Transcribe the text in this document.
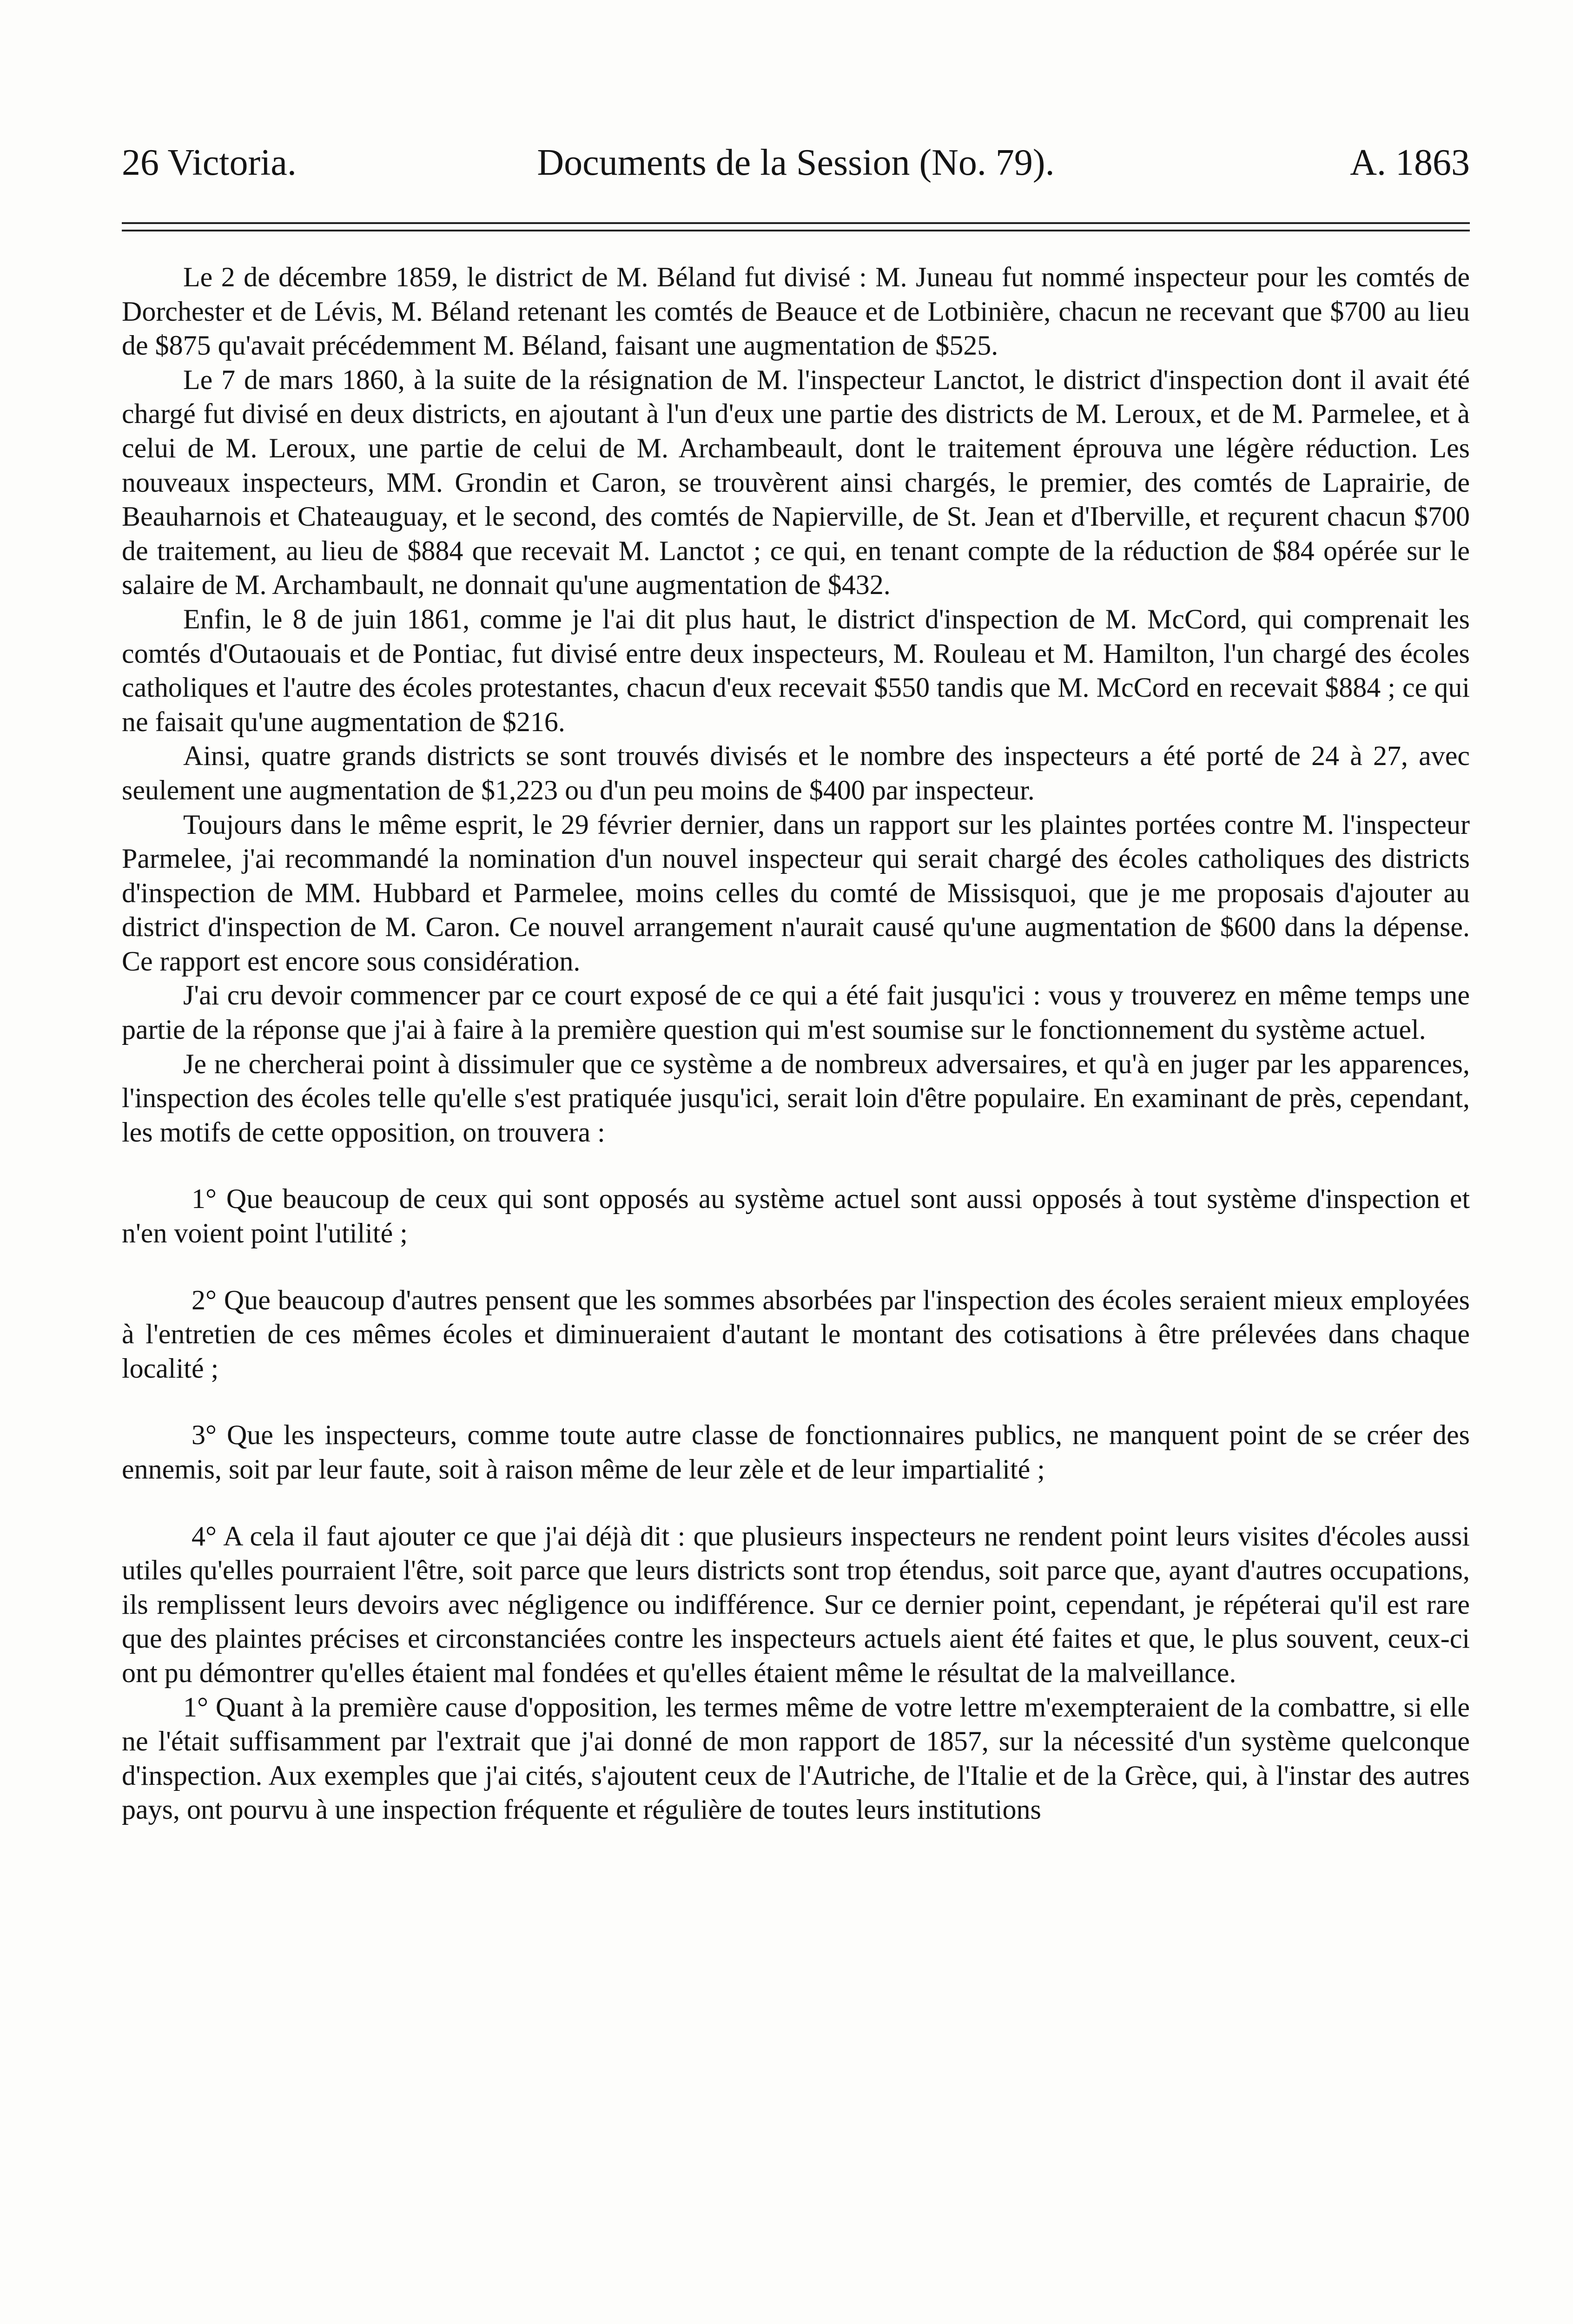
26 Victoria.	Documents de la Session (No. 79).	A. 1863

Le 2 de décembre 1859, le district de M. Béland fut divisé : M. Juneau fut nommé inspecteur pour les comtés de Dorchester et de Lévis, M. Béland retenant les comtés de Beauce et de Lotbinière, chacun ne recevant que $700 au lieu de $875 qu'avait précédemment M. Béland, faisant une augmentation de $525.

Le 7 de mars 1860, à la suite de la résignation de M. l'inspecteur Lanctot, le district d'inspection dont il avait été chargé fut divisé en deux districts, en ajoutant à l'un d'eux une partie des districts de M. Leroux, et de M. Parmelee, et à celui de M. Leroux, une partie de celui de M. Archambeault, dont le traitement éprouva une légère réduction. Les nouveaux inspecteurs, MM. Grondin et Caron, se trouvèrent ainsi chargés, le premier, des comtés de Laprairie, de Beauharnois et Chateauguay, et le second, des comtés de Napierville, de St. Jean et d'Iberville, et reçurent chacun $700 de traitement, au lieu de $884 que recevait M. Lanctot ; ce qui, en tenant compte de la réduction de $84 opérée sur le salaire de M. Archambault, ne donnait qu'une augmentation de $432.

Enfin, le 8 de juin 1861, comme je l'ai dit plus haut, le district d'inspection de M. McCord, qui comprenait les comtés d'Outaouais et de Pontiac, fut divisé entre deux inspecteurs, M. Rouleau et M. Hamilton, l'un chargé des écoles catholiques et l'autre des écoles protestantes, chacun d'eux recevait $550 tandis que M. McCord en recevait $884 ; ce qui ne faisait qu'une augmentation de $216.

Ainsi, quatre grands districts se sont trouvés divisés et le nombre des inspecteurs a été porté de 24 à 27, avec seulement une augmentation de $1,223 ou d'un peu moins de $400 par inspecteur.

Toujours dans le même esprit, le 29 février dernier, dans un rapport sur les plaintes portées contre M. l'inspecteur Parmelee, j'ai recommandé la nomination d'un nouvel inspecteur qui serait chargé des écoles catholiques des districts d'inspection de MM. Hubbard et Parmelee, moins celles du comté de Missisquoi, que je me proposais d'ajouter au district d'inspection de M. Caron. Ce nouvel arrangement n'aurait causé qu'une augmentation de $600 dans la dépense. Ce rapport est encore sous considération.

J'ai cru devoir commencer par ce court exposé de ce qui a été fait jusqu'ici : vous y trouverez en même temps une partie de la réponse que j'ai à faire à la première question qui m'est soumise sur le fonctionnement du système actuel.

Je ne chercherai point à dissimuler que ce système a de nombreux adversaires, et qu'à en juger par les apparences, l'inspection des écoles telle qu'elle s'est pratiquée jusqu'ici, serait loin d'être populaire. En examinant de près, cependant, les motifs de cette opposition, on trouvera :

1° Que beaucoup de ceux qui sont opposés au système actuel sont aussi opposés à tout système d'inspection et n'en voient point l'utilité ;

2° Que beaucoup d'autres pensent que les sommes absorbées par l'inspection des écoles seraient mieux employées à l'entretien de ces mêmes écoles et diminueraient d'autant le montant des cotisations à être prélevées dans chaque localité ;

3° Que les inspecteurs, comme toute autre classe de fonctionnaires publics, ne manquent point de se créer des ennemis, soit par leur faute, soit à raison même de leur zèle et de leur impartialité ;

4° A cela il faut ajouter ce que j'ai déjà dit : que plusieurs inspecteurs ne rendent point leurs visites d'écoles aussi utiles qu'elles pourraient l'être, soit parce que leurs districts sont trop étendus, soit parce que, ayant d'autres occupations, ils remplissent leurs devoirs avec négligence ou indifférence. Sur ce dernier point, cependant, je répéterai qu'il est rare que des plaintes précises et circonstanciées contre les inspecteurs actuels aient été faites et que, le plus souvent, ceux-ci ont pu démontrer qu'elles étaient mal fondées et qu'elles étaient même le résultat de la malveillance.

1° Quant à la première cause d'opposition, les termes même de votre lettre m'exempteraient de la combattre, si elle ne l'était suffisamment par l'extrait que j'ai donné de mon rapport de 1857, sur la nécessité d'un système quelconque d'inspection. Aux exemples que j'ai cités, s'ajoutent ceux de l'Autriche, de l'Italie et de la Grèce, qui, à l'instar des autres pays, ont pourvu à une inspection fréquente et régulière de toutes leurs institutions
